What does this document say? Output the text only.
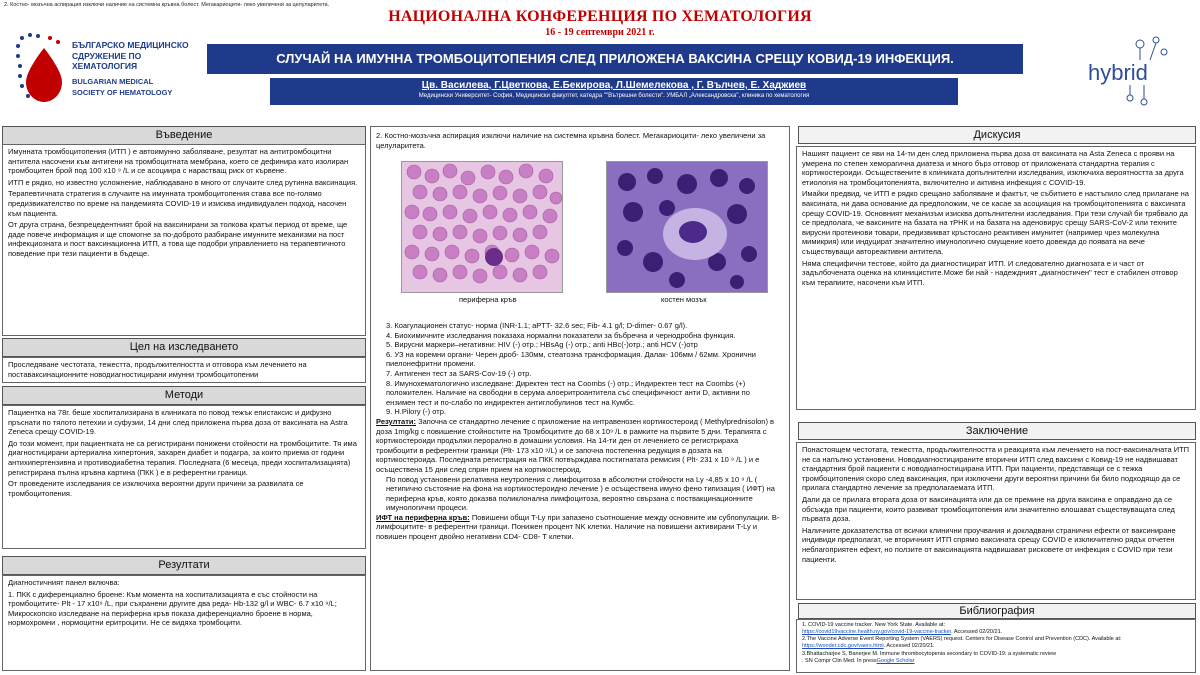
2. Костно- мозъчна аспирация изключи наличие на системна кръвна болест. Мегакариоцити- леко увеличени за целуларитета.
НАЦИОНАЛНА КОНФЕРЕНЦИЯ ПО ХЕМАТОЛОГИЯ
16 - 19 септември 2021 г.
БЪЛГАРСКО МЕДИЦИНСКО
СДРУЖЕНИЕ ПО ХЕМАТОЛОГИЯ
BULGARIAN MEDICAL
SOCIETY OF HEMATOLOGY
СЛУЧАЙ НА ИМУННА ТРОМБОЦИТОПЕНИЯ СЛЕД ПРИЛОЖЕНА ВАКСИНА СРЕЩУ КОВИД-19 ИНФЕКЦИЯ.
Цв. Василева, Г.Цветкова, Е.Бекирова, Л.Шемелекова , Г. Вълчев, Е. Хаджиев
Медицински Университет- София, Медицински факултет, катедра ""Вътрешни болести". УМБАЛ „Александровска", клиника по хематология
hybrid
Въведение

Имунната тромбоцитопения (ИТП ) е автоимунно заболяване, резултат на антитромбоцитни антитела насочени към антигени на тромбоцитната мембрана, което се дефинира като изолиран тромбоцитен брой под 100 х10 ⁹ /L и се асоциира с нарастващ риск от кървене.

ИТП е рядко, но известно усложнение, наблюдавано в много от случаите след рутинна ваксинация.

Терапевтичната стратегия в случаите на имунната тромбоцитопения става все по-голямо предизвикателство по време на пандемията COVID-19 и изисква индивидуален подход, насочен към пациента.

От друга страна, безпрецедентният брой на ваксинирани за толкова кратък период от време, ще даде повече информация и ще спомогне за по-доброто разбиране имунните механизми на пост инфекциозната и пост ваксинационна ИТП, а това ще подобри управлението на терапевтичното поведение при тези пациенти в бъдеще.

Цел на изследването

Проследяване честотата, тежестта, продължителността и отговора към лечението на поставаксинационните новодиагностицирани имунни тромбоцитопении

Методи

Пациентка на 78г. беше хоспитализирана в клиниката по повод тежък епистаксис и дифузно пръснати по тялото петехии и суфузии, 14 дни след приложена първа доза от ваксината на Astra Zeneca срещу COVID-19.

До този момент, при пациентката не са регистрирани понижени стойности на тромбоцитите. Тя има диагностицирани артериална хипертония, захарен диабет и подагра, за които приема от години антихипертензивна и противодиабетна терапия. Последната (6 месеца, преди хоспитализацията) регистрирана пълна кръвна картина (ПКК ) е в референтни граници.

От проведените изследвания се изключиха вероятни други причини за развилата се тромбоцитопения.

Резултати

Диагностичният панел включва:

1. ПКК с диференциално броене: Към момента на хоспитализацията е със стойности на тромбоцитите- Plt - 17 x10⁹ /L, при съхранени другите два реда- Hb-132 g/l и WBC- 6.7 x10 ⁹/L; Микроскопско изследване на периферна кръв показа диференциално броене в норма, нормохромни , нормоцитни еритроцити. Не се видяха тромбоцити.

2. Костно-мозъчна аспирация изключи наличие на системна кръвна болест. Мегакариоцити- леко увеличени за целуларитета.
периферна кръв	костен мозък
3. Коагулационен статус- норма (INR-1.1; aPTT- 32.6 sec; Fib- 4.1 g/l; D-dimer- 0.67 g/l).
4. Биохимичните изследвания показаха нормални показатели за бъбречна и чернодробна функция.
5. Вирусни маркери–негативни: HIV (-) отр.; HBsAg (-) отр.; anti HBc(-)отр.; anti HCV (-)отр
6. УЗ на коремни органи- Черен дроб- 130мм, стеатозна трансформация. Далак- 106мм / 62мм. Хронични пиелонефритни промени.
7. Антигенен тест за SARS-Cov-19 (-) отр.
8. Имунохематологично изследване: Директен тест на Coombs (-) отр.; Индиректен тест на Coombs (+) положителен. Наличие на свободни в серума алоеритроантитела със специфичност анти D, активни по ензимен тест и по-слабо по индиректен антиглобулинов тест на Кумбс.
9. H.Pilory (-) отр.
Резултати: Започна се стандартно лечение с приложение на интравенозен кортикостероид ( Methylprednisolon) в доза 1mg/kg с повишение стойностите на Тромбоцитите до 68 x 10⁹ /L в рамките на първите 5 дни. Терапията с кортикостероиди продължи перорално в домашни условия. На 14-ти ден от лечението се регистрираха тромбоцити в референтни граници (Plt- 173 x10 ⁹/L) и се започна постепенна редукция в дозата на кортикостероида. Последната регистрация на ПКК потвърждава постигнатата ремисия ( Plt- 231 x 10 ⁹ /L ) и е осъществена 15 дни след спрян прием на кортикостероид.
По повод установени релативна неутропения с лимфоцитоза в абсолютни стойности на Ly -4,85 x 10 ⁹ /L ( нетипично състояние на фона на кортикостероидно лечение ) е осъществена имуно фено типизация ( ИФТ) на периферна кръв, която доказва поликлонална лимфоцитоза, вероятно свързана с поствакцинационните имунологични процеси.
ИФТ на периферна кръв: Повишени общи T-Ly при запазено съотношение между основните им субпопулации. B- лимфоцитите- в референтни граници. Понижен процент NK клетки. Наличие на повишени активирани T-Ly и повишен процент двойно негативни CD4- CD8- Т клетки.
Дискусия

Нашият пациент се яви на 14-ти ден след приложена първа доза от ваксината на Asta Zeneca с прояви на умерена по степен хеморагична диатеза и много бърз отговор от приложената стандартна терапия с кортикостероиди. Осъществените в клиниката допълнителни изследвания, изключиха вероятността за друга етиология на тромбоцитопенията, включително и активна инфекция с COVID-19.

Имайки предвид, че ИТП е рядко срещано заболяване и фактът, че събитието е настъпило след прилагане на ваксината, ни дава основание да предположим, че се касае за асоциация на тромбоцитопенията с ваксината срещу COVID-19. Основният механизъм изисква допълнителни изследвания. При тези случай би трябвало да се предполага, че ваксините на базата на тРНК и на базата на аденовирус срещу SARS-CoV-2 или техните вирусни протеинови товари, предизвикват кръстосано реактивен имунитет (например чрез молекулна мимикрия) или индуцират значително имунологично смущение което довежда до появата на вече съществуващи автореактивни антитела.

Няма специфични тестове, който да диагностицират ИТП. И следователно диагнозата е и част от задълбочената оценка на клинициститe.Може би най - надеждният „диагностичен" тест е стабилен отговор към терапиите, насочени към ИТП.

Заключение

Понастоящем честотата, тежестта, продължителността и реакцията към лечението на пост-ваксиналната ИТП не са напълно установени. Новодиагностицираните вторични ИТП след ваксини с Ковид-19 не надвишават стандартния брой пациенти с новодиагностицирана ИТП. При пациенти, представящи се с тежка тромбоцитопения скоро след ваксинация, при изключени други вероятни причини би било подходящо да се прилага стандартно лечение за предполагаемата ИТП.

Дали да се прилага втората доза от ваксинацията или да се премине на друга ваксина е оправдано да се обсъжда при пациенти, които развиват тромбоцитопения или значително влошават съществуващата след първата доза.

Наличните доказателства от всички клинични проучвания и докладвани странични ефекти от ваксиниране индивиди предполагат, че вторичният ИТП спрямо ваксината срещу COVID е изключително рядък отчетен неблагоприятен ефект, но ползите от ваксинацията надвишават рисковете от инфекция с COVID при тези пациенти.

Библиография
1. COVID-19 vaccine tracker. New York State. Available at:
https://covid19vaccine.health.ny.gov/covid-19-vaccine-tracker. Accessed 02/20/21.
2.The Vaccine Adverse Event Reporting System (VAERS) request. Centers for Disease Control and Prevention (CDC). Available at:
https://wonder.cdc.gov/vaers.html. Accessed 02/20/21.
3.Bhattacharjee S, Banerjee M. Immune thrombocytopenia secondary to COVID-19: a systematic review
. SN Compr Clin Med. In pressGoogle Scholar
